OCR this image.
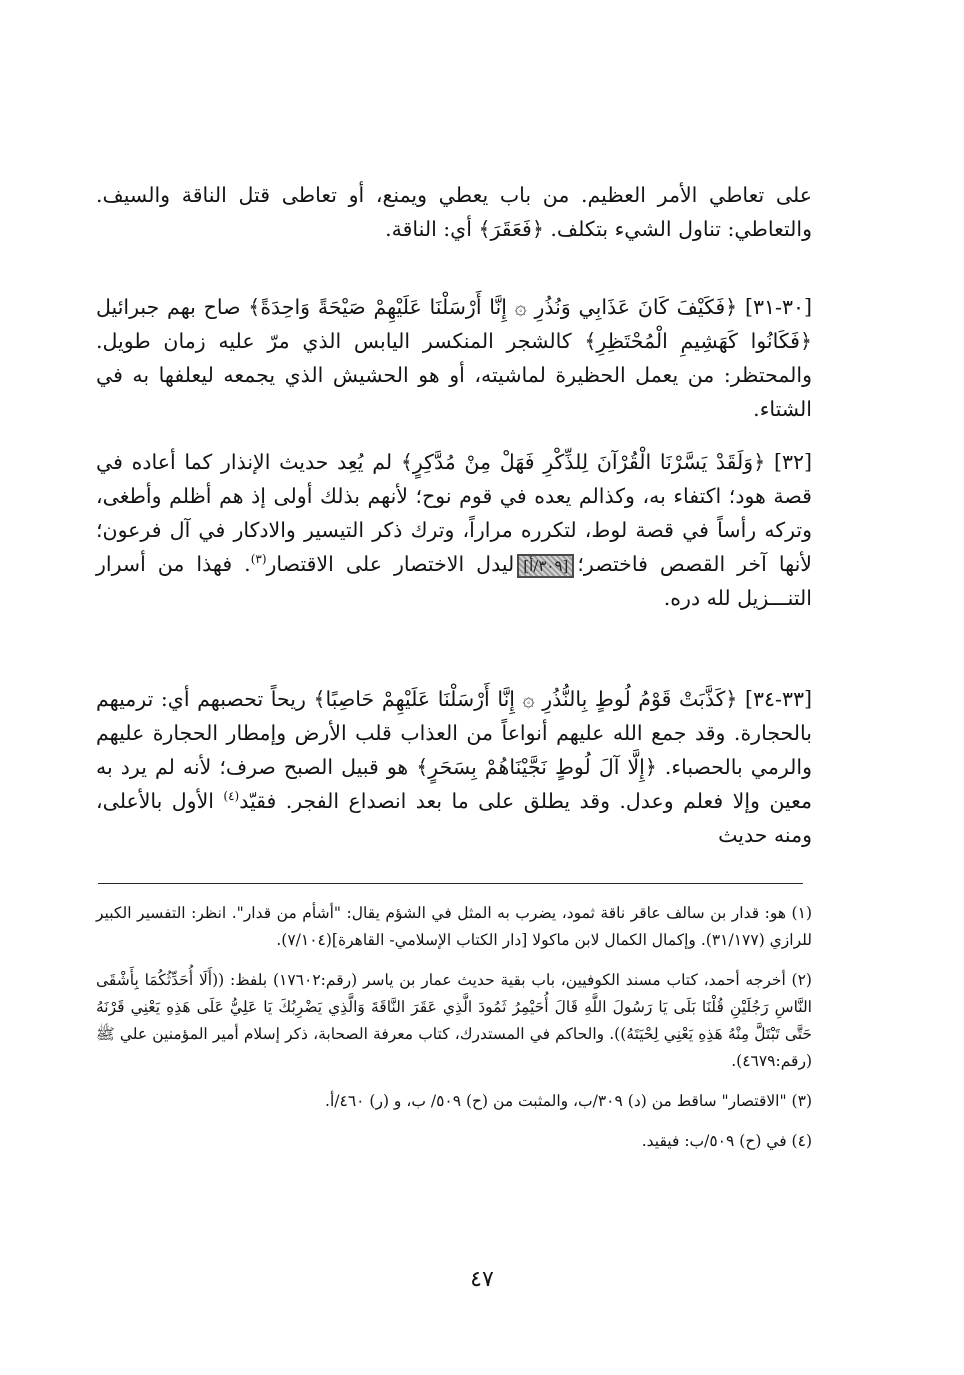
على تعاطي الأمر العظيم. من باب يعطي ويمنع، أو تعاطى قتل الناقة والسيف. والتعاطي: تناول الشيء بتكلف. ﴿فَعَقَرَ﴾ أي: الناقة.

[٣٠-٣١] ﴿فَكَيْفَ كَانَ عَذَابِي وَنُذُرِ ۞ إِنَّا أَرْسَلْنَا عَلَيْهِمْ صَيْحَةً وَاحِدَةً﴾ صاح بهم جبرائيل ﴿فَكَانُوا كَهَشِيمِ الْمُحْتَظِرِ﴾ كالشجر المنكسر اليابس الذي مرّ عليه زمان طويل. والمحتظر: من يعمل الحظيرة لماشيته، أو هو الحشيش الذي يجمعه ليعلفها به في الشتاء.

[٣٢] ﴿وَلَقَدْ يَسَّرْنَا الْقُرْآنَ لِلذِّكْرِ فَهَلْ مِنْ مُدَّكِرٍ﴾ لم يُعِد حديث الإنذار كما أعاده في قصة هود؛ اكتفاء به، وكذالم يعده في قوم نوح؛ لأنهم بذلك أولى إذ هم أظلم وأطغى، وتركه رأساً في قصة لوط، لتكرره مراراً، وترك ذكر التيسير والادكار في آل فرعون؛ لأنها آخر القصص فاختصر؛[٣٠٩/أ]ليدل الاختصار على الاقتصار$^{(٣)}$. فهذا من أسرار التنـــزيل لله دره.

[٣٣-٣٤] ﴿كَذَّبَتْ قَوْمُ لُوطٍ بِالنُّذُرِ ۞ إِنَّا أَرْسَلْنَا عَلَيْهِمْ حَاصِبًا﴾ ريحاً تحصبهم أي: ترميهم بالحجارة. وقد جمع الله عليهم أنواعاً من العذاب قلب الأرض وإمطار الحجارة عليهم والرمي بالحصباء. ﴿إِلَّا آلَ لُوطٍ نَجَّيْنَاهُمْ بِسَحَرٍ﴾ هو قبيل الصبح صرف؛ لأنه لم يرد به معين وإلا فعلم وعدل. وقد يطلق على ما بعد انصداع الفجر. فقيّد$^{(٤)}$ الأول بالأعلى، ومنه حديث

(١) هو: قدار بن سالف عاقر ناقة ثمود، يضرب به المثل في الشؤم يقال: "أشأم من قدار". انظر: التفسير الكبير للرازي (٣١/١٧٧). وإكمال الكمال لابن ماكولا [دار الكتاب الإسلامي- القاهرة](٧/١٠٤).

(٢) أخرجه أحمد، كتاب مسند الكوفيين، باب بقية حديث عمار بن ياسر (رقم:١٧٦٠٢) بلفظ: ((أَلَا أُحَدِّثُكُمَا بِأَشْقَى النَّاسِ رَجُلَيْنِ قُلْنَا بَلَى يَا رَسُولَ اللَّهِ قَالَ أُحَيْمِرُ ثَمُودَ الَّذِي عَقَرَ النَّاقَةَ وَالَّذِي يَضْرِبُكَ يَا عَلِيُّ عَلَى هَذِهِ يَعْنِي قَرْنَهُ حَتَّى تَبْتَلَّ مِنْهُ هَذِهِ يَعْنِي لِحْيَتَهُ)). والحاكم في المستدرك، كتاب معرفة الصحابة، ذكر إسلام أمير المؤمنين علي ﷺ (رقم:٤٦٧٩).

(٣) "الاقتصار" ساقط من (د) ٣٠٩/ب، والمثبت من (ح) ٥٠٩/ ب، و (ر) ٤٦٠/أ.

(٤) في (ح) ٥٠٩/ب: فيقيد.

٤٧
